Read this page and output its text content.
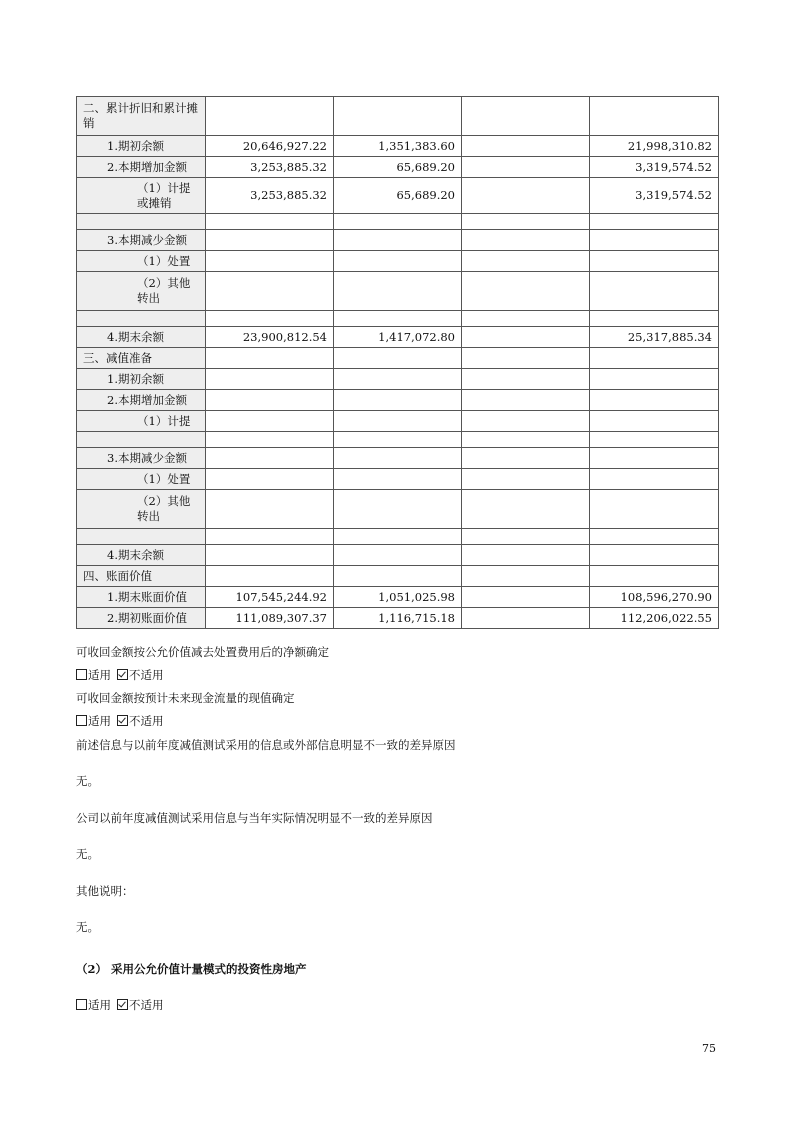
二、累计折旧和累计摊销				
1.期初余额	20,646,927.22	1,351,383.60		21,998,310.82
2.本期增加金额	3,253,885.32	65,689.20		3,319,574.52
（1）计提或摊销	3,253,885.32	65,689.20		3,319,574.52

3.本期减少金额				
（1）处置				
（2）其他转出				

4.期末余额	23,900,812.54	1,417,072.80		25,317,885.34
三、减值准备				
1.期初余额				
2.本期增加金额				
（1）计提				

3.本期减少金额				
（1）处置				
（2）其他转出				

4.期末余额				
四、账面价值				
1.期末账面价值	107,545,244.92	1,051,025.98		108,596,270.90
2.期初账面价值	111,089,307.37	1,116,715.18		112,206,022.55

可收回金额按公允价值减去处置费用后的净额确定

适用 不适用

可收回金额按预计未来现金流量的现值确定

适用 不适用

前述信息与以前年度减值测试采用的信息或外部信息明显不一致的差异原因

无。

公司以前年度减值测试采用信息与当年实际情况明显不一致的差异原因

无。

其他说明：

无。

（2） 采用公允价值计量模式的投资性房地产

适用 不适用

75
